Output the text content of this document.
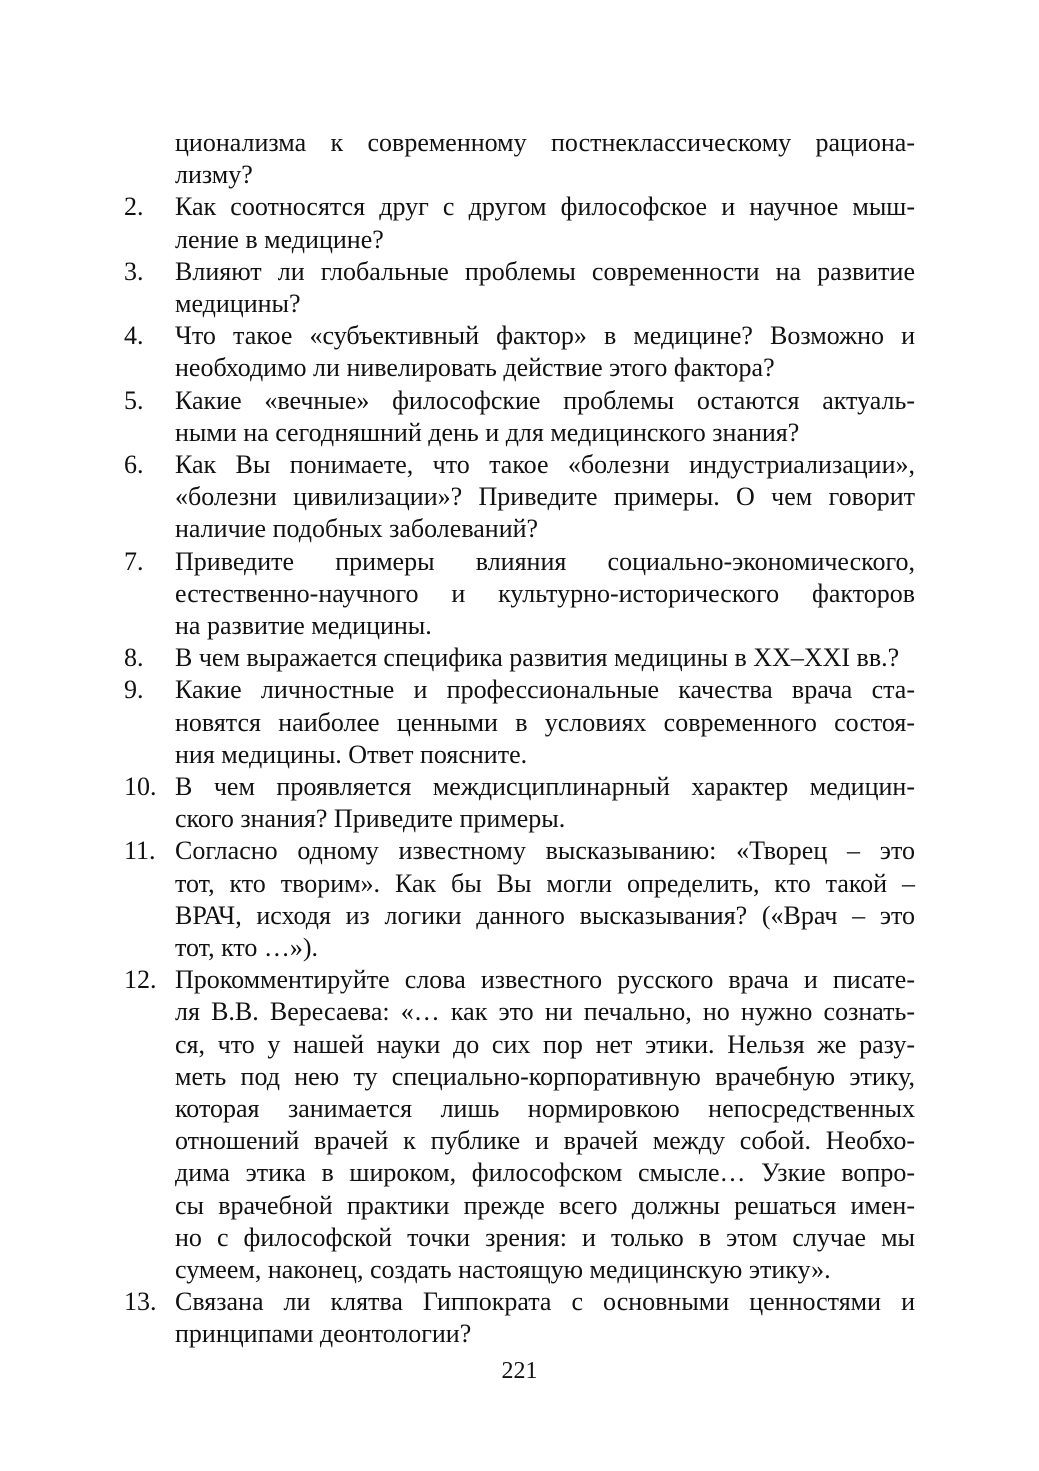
ционализма к современному постнеклассическому рациона-
лизму?
2. Как соотносятся друг с другом философское и научное мыш-
ление в медицине?
3. Влияют ли глобальные проблемы современности на развитие
медицины?
4. Что такое «субъективный фактор» в медицине? Возможно и
необходимо ли нивелировать действие этого фактора?
5. Какие «вечные» философские проблемы остаются актуаль-
ными на сегодняшний день и для медицинского знания?
6. Как Вы понимаете, что такое «болезни индустриализации»,
«болезни цивилизации»? Приведите примеры. О чем говорит
наличие подобных заболеваний?
7. Приведите примеры влияния социально-экономического,
естественно-научного и культурно-исторического факторов
на развитие медицины.
8. В чем выражается специфика развития медицины в XX–XXI вв.?
9. Какие личностные и профессиональные качества врача ста-
новятся наиболее ценными в условиях современного состоя-
ния медицины. Ответ поясните.
10. В чем проявляется междисциплинарный характер медицин-
ского знания? Приведите примеры.
11. Согласно одному известному высказыванию: «Творец – это
тот, кто творим». Как бы Вы могли определить, кто такой –
ВРАЧ, исходя из логики данного высказывания? («Врач – это
тот, кто …»).
12. Прокомментируйте слова известного русского врача и писате-
ля В.В. Вересаева: «… как это ни печально, но нужно сознать-
ся, что у нашей науки до сих пор нет этики. Нельзя же разу-
меть под нею ту специально-корпоративную врачебную этику,
которая занимается лишь нормировкою непосредственных
отношений врачей к публике и врачей между собой. Необхо-
дима этика в широком, философском смысле… Узкие вопро-
сы врачебной практики прежде всего должны решаться имен-
но с философской точки зрения: и только в этом случае мы
сумеем, наконец, создать настоящую медицинскую этику».
13. Связана ли клятва Гиппократа с основными ценностями и
принципами деонтологии?
221
